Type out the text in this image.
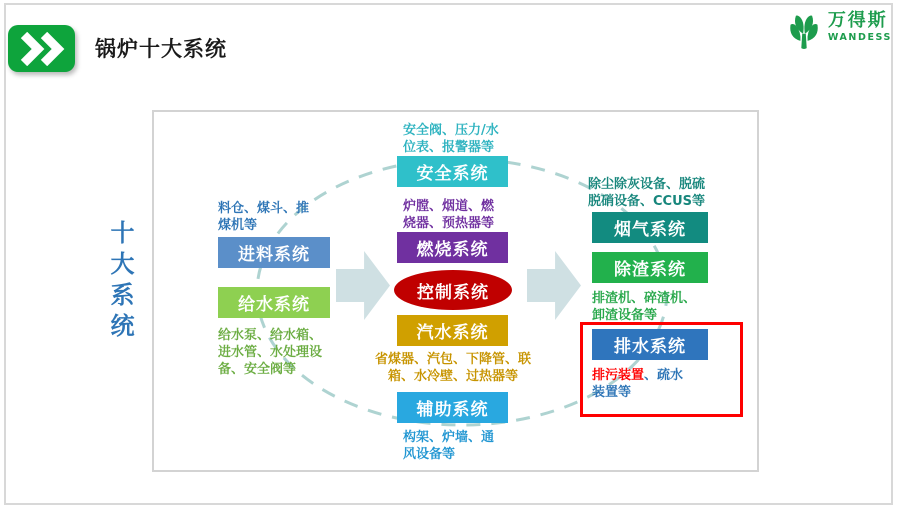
锅炉十大系统
万得斯
WANDESS
十大系统
料仓、煤斗、推煤机等
进料系统
给水系统
给水泵、给水箱、进水管、水处理设备、安全阀等
安全阀、压力/水位表、报警器等
安全系统
炉膛、烟道、燃烧器、预热器等
燃烧系统
控制系统
汽水系统
省煤器、汽包、下降管、联箱、水冷壁、过热器等
辅助系统
构架、炉墙、通风设备等
除尘除灰设备、脱硫脱硝设备、CCUS等
烟气系统
除渣系统
排渣机、碎渣机、卸渣设备等
排水系统
排污装置、疏水装置等
